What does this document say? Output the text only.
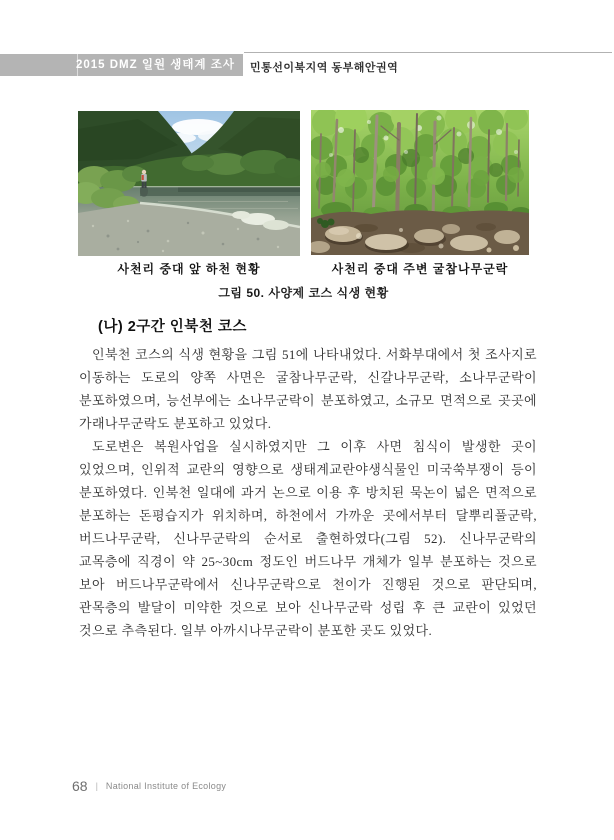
2015 DMZ 일원 생태계 조사 민통선이북지역 동부해안권역
사천리 중대 앞 하천 현황	사천리 중대 주변 굴참나무군락
그림 50. 사양제 코스 식생 현황
(나) 2구간 인북천 코스

인북천 코스의 식생 현황을 그림 51에 나타내었다. 서화부대에서 첫 조사지로 이동하는 도로의 양쪽 사면은 굴참나무군락, 신갈나무군락, 소나무군락이 분포하였으며, 능선부에는 소나무군락이 분포하였고, 소규모 면적으로 곳곳에 가래나무군락도 분포하고 있었다.

도로변은 복원사업을 실시하였지만 그 이후 사면 침식이 발생한 곳이 있었으며, 인위적 교란의 영향으로 생태계교란야생식물인 미국쑥부쟁이 등이 분포하였다. 인북천 일대에 과거 논으로 이용 후 방치된 묵논이 넓은 면적으로 분포하는 돈평습지가 위치하며, 하천에서 가까운 곳에서부터 달뿌리풀군락, 버드나무군락, 신나무군락의 순서로 출현하였다(그림 52). 신나무군락의 교목층에 직경이 약 25~30cm 정도인 버드나무 개체가 일부 분포하는 것으로 보아 버드나무군락에서 신나무군락으로 천이가 진행된 것으로 판단되며, 관목층의 발달이 미약한 것으로 보아 신나무군락 성립 후 큰 교란이 있었던 것으로 추측된다. 일부 아까시나무군락이 분포한 곳도 있었다.

68 | National Institute of Ecology
